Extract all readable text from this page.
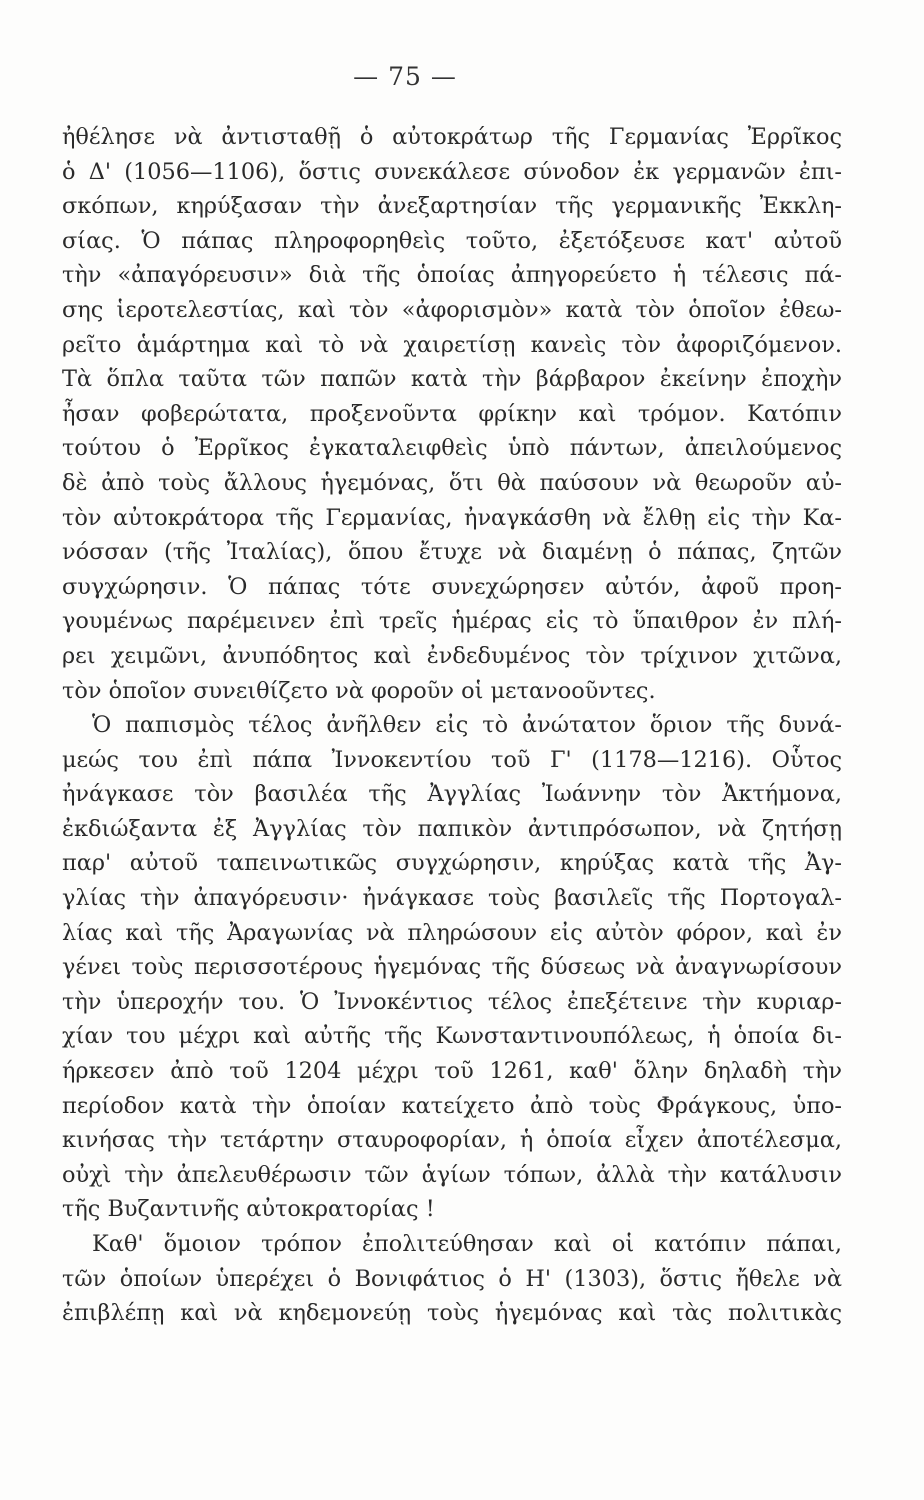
— 75 —
ἠθέλησε νὰ ἀντισταθῇ ὁ αὐτοκράτωρ τῆς Γερμανίας Ἐρρῖκος
ὁ Δ' (1056—1106), ὅστις συνεκάλεσε σύνοδον ἐκ γερμανῶν ἐπι-
σκόπων, κηρύξασαν τὴν ἀνεξαρτησίαν τῆς γερμανικῆς Ἐκκλη-
σίας. Ὁ πάπας πληροφορηθεὶς τοῦτο, ἐξετόξευσε κατ' αὐτοῦ
τὴν «ἀπαγόρευσιν» διὰ τῆς ὁποίας ἀπηγορεύετο ἡ τέλεσις πά-
σης ἱεροτελεστίας, καὶ τὸν «ἀφορισμὸν» κατὰ τὸν ὁποῖον ἐθεω-
ρεῖτο ἁμάρτημα καὶ τὸ νὰ χαιρετίσῃ κανεὶς τὸν ἀφοριζόμενον.
Τὰ ὅπλα ταῦτα τῶν παπῶν κατὰ τὴν βάρβαρον ἐκείνην ἐποχὴν
ἦσαν φοβερώτατα, προξενοῦντα φρίκην καὶ τρόμον. Κατόπιν
τούτου ὁ Ἐρρῖκος ἐγκαταλειφθεὶς ὑπὸ πάντων, ἀπειλούμενος
δὲ ἀπὸ τοὺς ἄλλους ἡγεμόνας, ὅτι θὰ παύσουν νὰ θεωροῦν αὐ-
τὸν αὐτοκράτορα τῆς Γερμανίας, ἠναγκάσθη νὰ ἔλθῃ εἰς τὴν Κα-
νόσσαν (τῆς Ἰταλίας), ὅπου ἔτυχε νὰ διαμένῃ ὁ πάπας, ζητῶν
συγχώρησιν. Ὁ πάπας τότε συνεχώρησεν αὐτόν, ἀφοῦ προη-
γουμένως παρέμεινεν ἐπὶ τρεῖς ἡμέρας εἰς τὸ ὕπαιθρον ἐν πλή-
ρει χειμῶνι, ἀνυπόδητος καὶ ἐνδεδυμένος τὸν τρίχινον χιτῶνα,
τὸν ὁποῖον συνειθίζετο νὰ φοροῦν οἱ μετανοοῦντες.
Ὁ παπισμὸς τέλος ἀνῆλθεν εἰς τὸ ἀνώτατον ὅριον τῆς δυνά-
μεώς του ἐπὶ πάπα Ἰννοκεντίου τοῦ Γ' (1178—1216). Οὗτος
ἠνάγκασε τὸν βασιλέα τῆς Ἀγγλίας Ἰωάννην τὸν Ἀκτήμονα,
ἐκδιώξαντα ἐξ Ἀγγλίας τὸν παπικὸν ἀντιπρόσωπον, νὰ ζητήσῃ
παρ' αὐτοῦ ταπεινωτικῶς συγχώρησιν, κηρύξας κατὰ τῆς Ἀγ-
γλίας τὴν ἀπαγόρευσιν· ἠνάγκασε τοὺς βασιλεῖς τῆς Πορτογαλ-
λίας καὶ τῆς Ἀραγωνίας νὰ πληρώσουν εἰς αὐτὸν φόρον, καὶ ἐν
γένει τοὺς περισσοτέρους ἡγεμόνας τῆς δύσεως νὰ ἀναγνωρίσουν
τὴν ὑπεροχήν του. Ὁ Ἰννοκέντιος τέλος ἐπεξέτεινε τὴν κυριαρ-
χίαν του μέχρι καὶ αὐτῆς τῆς Κωνσταντινουπόλεως, ἡ ὁποία δι-
ήρκεσεν ἀπὸ τοῦ 1204 μέχρι τοῦ 1261, καθ' ὅλην δηλαδὴ τὴν
περίοδον κατὰ τὴν ὁποίαν κατείχετο ἀπὸ τοὺς Φράγκους, ὑπο-
κινήσας τὴν τετάρτην σταυροφορίαν, ἡ ὁποία εἶχεν ἀποτέλεσμα,
οὐχὶ τὴν ἀπελευθέρωσιν τῶν ἁγίων τόπων, ἀλλὰ τὴν κατάλυσιν
τῆς Βυζαντινῆς αὐτοκρατορίας !
Καθ' ὅμοιον τρόπον ἐπολιτεύθησαν καὶ οἱ κατόπιν πάπαι,
τῶν ὁποίων ὑπερέχει ὁ Βονιφάτιος ὁ Η' (1303), ὅστις ἤθελε νὰ
ἐπιβλέπῃ καὶ νὰ κηδεμονεύῃ τοὺς ἡγεμόνας καὶ τὰς πολιτικὰς
